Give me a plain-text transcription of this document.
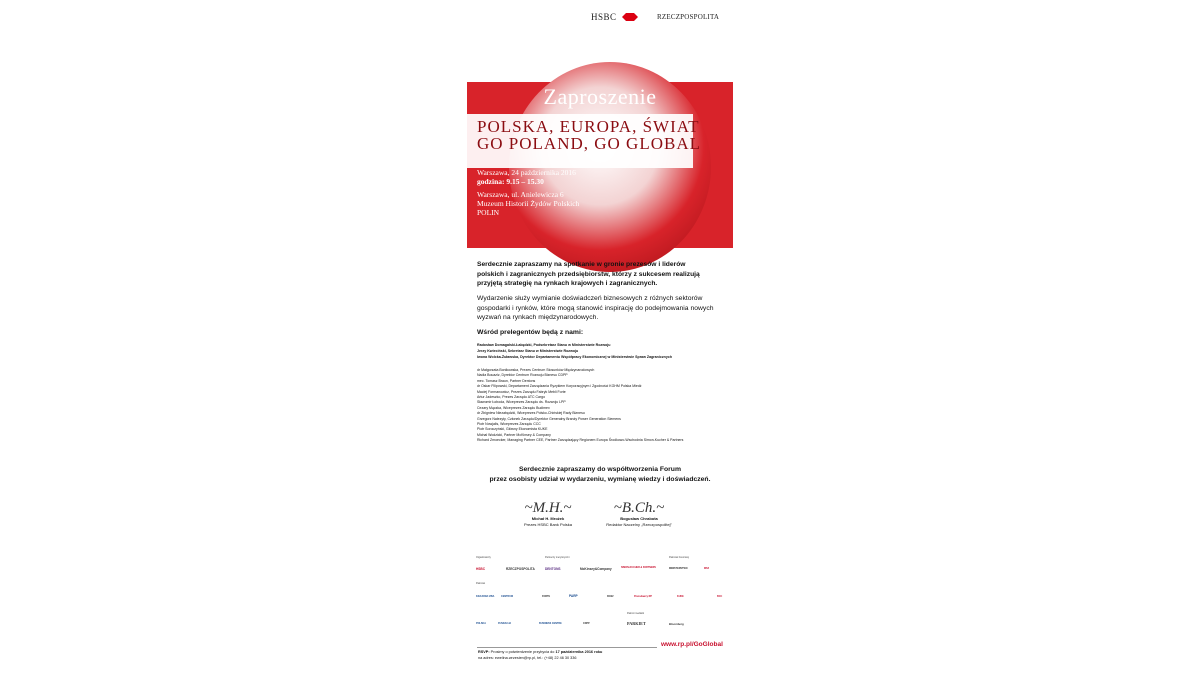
HSBC	RZECZPOSPOLITA
Zaproszenie
POLSKA, EUROPA, ŚWIAT
GO POLAND, GO GLOBAL
Warszawa, 24 października 2016
godzina: 9.15 – 15.30
Warszawa, ul. Anielewicza 6
Muzeum Historii Żydów Polskich
POLIN
Serdecznie zapraszamy na spotkanie w gronie prezesów i liderów polskich i zagranicznych przedsiębiorstw, którzy z sukcesem realizują przyjętą strategię na rynkach krajowych i zagranicznych.
Wydarzenie służy wymianie doświadczeń biznesowych z różnych sektorów gospodarki i rynków, które mogą stanowić inspirację do podejmowania nowych wyzwań na rynkach międzynarodowych.
Wśród prelegentów będą z nami:
Radosław Domagalski-Łabędzki, Podsekretarz Stanu w Ministerstwie Rozwoju
Jerzy Kwieciński, Sekretarz Stanu w Ministerstwie Rozwoju
Iwona Wolcka-Żuławska, Dyrektor Departamentu Współpracy Ekonomicznej w Ministerstwie Spraw Zagranicznych
dr Małgorzata Bonikowska, Prezes Centrum Stosunków Międzynarodowych
Nadia Bouaziz, Dyrektor Centrum Rozwoju Biznesu CDPP
mec. Tomasz Braun, Partner Dentons
dr Oskar Filipowski, Departament Zarządzania Ryzykiem Korporacyjnym i Zgodności KGHM Polska Miedź
Maciej Formanowicz, Prezes Zarządu Fabryk Mebli Forte
Artur Jadeszko, Prezes Zarządu ATC Cargo
Sławomir Łoboda, Wiceprezes Zarządu ds. Rozwoju LPP
Cezary Mączka, Wiceprezes Zarządu Budimex
dr Zbigniew Niezabędzki, Wiceprezes Polsko-Chińskiej Rady Biznesu
Grzegorz Nalezyty, Członek Zarządu/Dyrektor Generalny Branży Power Generation Siemens
Piotr Nowjalis, Wiceprezes Zarządu CCC
Piotr Soroczyński, Główny Ekonomista KUKE
Michał Wodzicki, Partner McKinsey & Company
Richard Zmoecker, Managing Partner CEE, Partner Zarządzający Regionem Europa Środkowo-Wschodnia Simon-Kucher & Partners
Serdecznie zapraszamy do współtworzenia Forum
przez osobisty udział w wydarzeniu, wymianę wiedzy i doświadczeń.
~M.H.~
Michał H. Mrożek
Prezes HSBC Bank Polska
~B.Ch.~
Bogusław Chrabota
Redaktor Naczelny „Rzeczpospolitej”
Organizatorzy	Partnerzy merytoryczni	Patronat honorowy
HSBC	RZECZPOSPOLITA	DENTONS	McKinsey&Company	SIMON-KUCHER & PARTNERS	MINISTERSTWO	MSZ
Patronat
KRAJOWA IZBA	CENTRUM	FORTE	PARP	PAIiIZ	Pracodawcy RP	KUKE	BCC
Patroni medialni
POLSKA	FUNDACJA	BUSINESS CENTRE	CDPP	PARKIET	Bloomberg
www.rp.pl/GoGlobal
RSVP: Prosimy o potwierdzenie przybycia do 17 października 2016 roku
na adres: ewelina.wrzesien@rp.pl, tel.: (+48) 22 46 30 336
